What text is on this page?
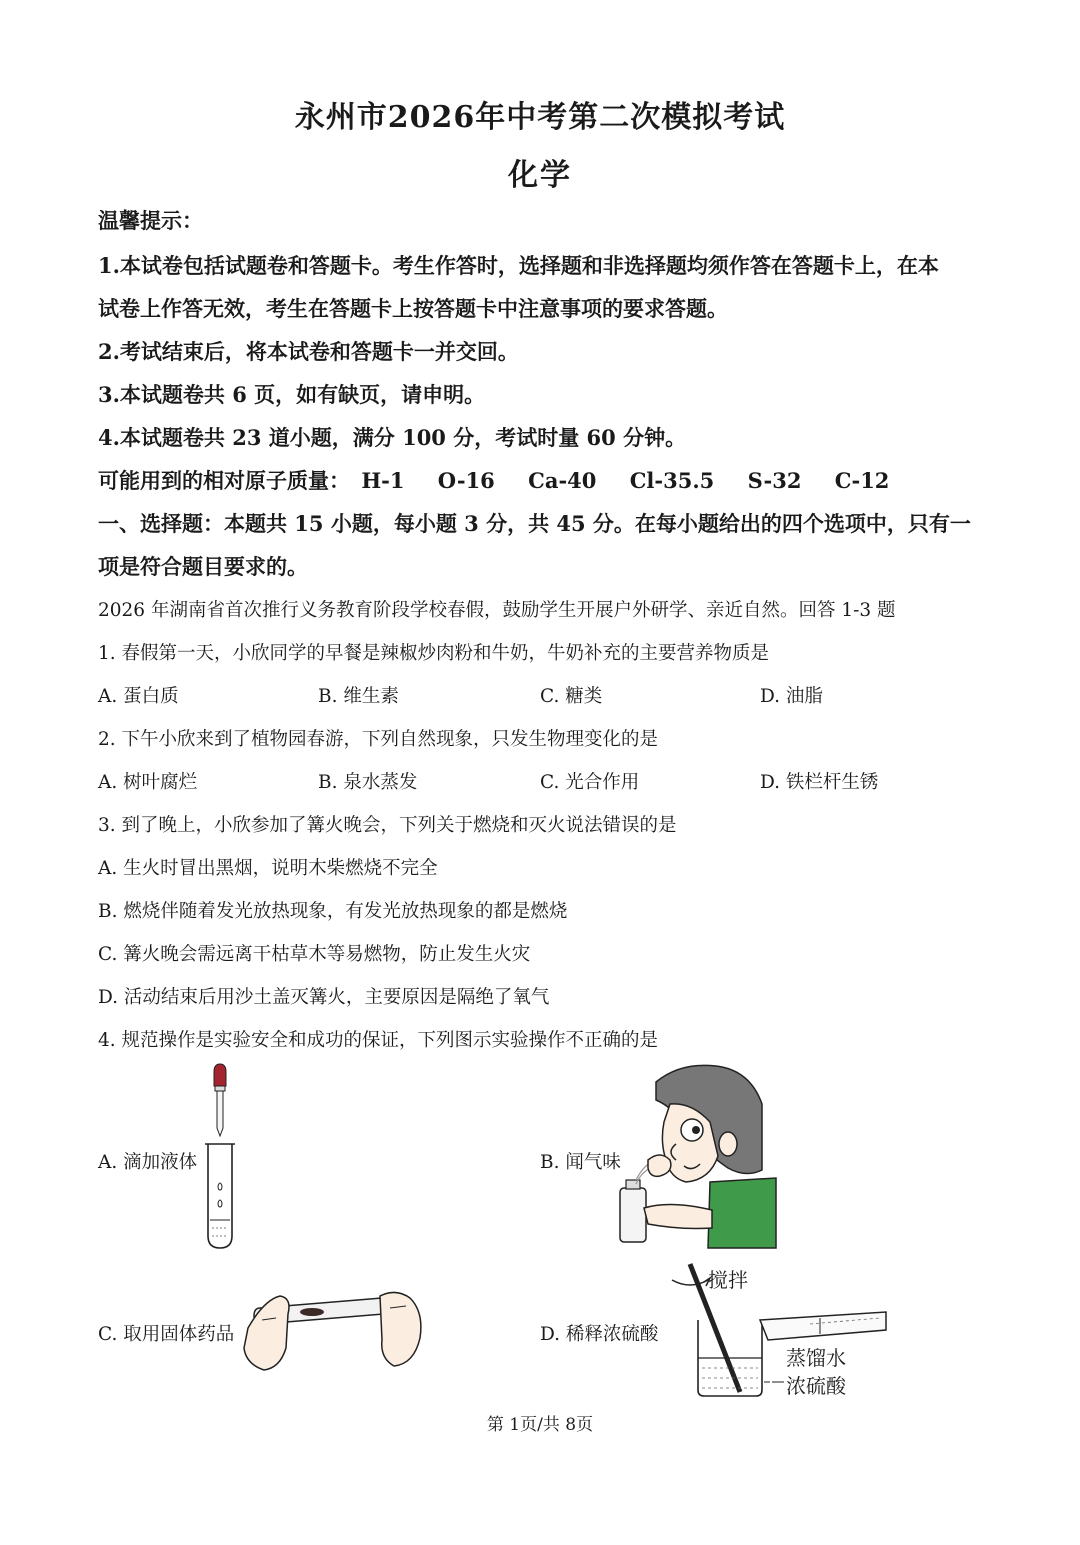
永州市2026年中考第二次模拟考试
化学
温馨提示：
1.本试卷包括试题卷和答题卡。考生作答时，选择题和非选择题均须作答在答题卡上，在本
试卷上作答无效，考生在答题卡上按答题卡中注意事项的要求答题。
2.考试结束后，将本试卷和答题卡一并交回。
3.本试题卷共 6 页，如有缺页，请申明。
4.本试题卷共 23 道小题，满分 100 分，考试时量 60 分钟。
可能用到的相对原子质量： H-1 O-16 Ca-40 Cl-35.5 S-32 C-12
一、选择题：本题共 15 小题，每小题 3 分，共 45 分。在每小题给出的四个选项中，只有一
项是符合题目要求的。
2026 年湖南省首次推行义务教育阶段学校春假，鼓励学生开展户外研学、亲近自然。回答 1-3 题
1. 春假第一天，小欣同学的早餐是辣椒炒肉粉和牛奶，牛奶补充的主要营养物质是
A. 蛋白质	B. 维生素	C. 糖类	D. 油脂
2. 下午小欣来到了植物园春游，下列自然现象，只发生物理变化的是
A. 树叶腐烂	B. 泉水蒸发	C. 光合作用	D. 铁栏杆生锈
3. 到了晚上，小欣参加了篝火晚会，下列关于燃烧和灭火说法错误的是
A. 生火时冒出黑烟，说明木柴燃烧不完全
B. 燃烧伴随着发光放热现象，有发光放热现象的都是燃烧
C. 篝火晚会需远离干枯草木等易燃物，防止发生火灾
D. 活动结束后用沙土盖灭篝火，主要原因是隔绝了氧气
4. 规范操作是实验安全和成功的保证，下列图示实验操作不正确的是
A. 滴加液体	B. 闻气味
C. 取用固体药品	D. 稀释浓硫酸
搅拌
蒸馏水
浓硫酸
第 1页/共 8页
